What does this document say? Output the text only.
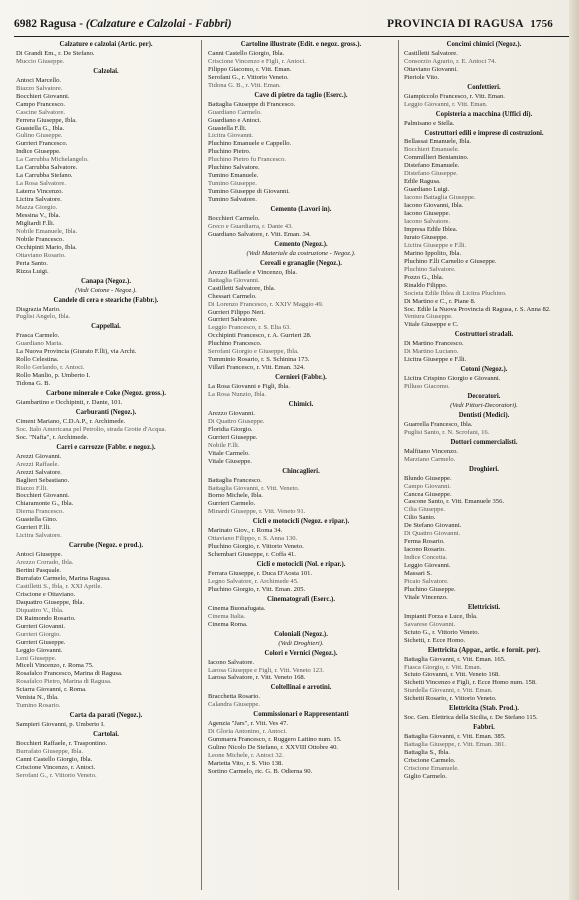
6982 Ragusa - (Calzature e Calzolai - Fabbri)	PROVINCIA DI RAGUSA 1756
Calzature e calzolai (Artic. per).
Di Grandi Em., r. De Stefano.
Muccio Giuseppe.
Calzolai.
Antoci Marcello.
Biazzo Salvatore.
Bocchieri Giovanni.
Campo Francesco.
Cascine Salvatore.
Ferrera Giuseppe, Ibla.
Guastella G., Ibla.
Gulino Giuseppe.
Gurrieri Francesco.
Indice Giuseppe.
La Carrubba Michelangelo.
La Carrubba Salvatore.
La Carrubba Stefano.
La Rosa Salvatore.
Laterra Vincenzo.
Licitra Salvatore.
Mazza Giorgio.
Messina V., Ibla.
Migliardi F.lli.
Nobile Emanuele, Ibla.
Nobile Francesco.
Occhipinti Mario, Ibla.
Ottaviano Rosario.
Peria Santo.
Rizza Luigi.
Canapa (Negoz.).
(Vedi Cotone - Negoz.).
Candele di cera e steariche (Fabbr.).
Disgrazia Mario.
Puglisi Angelo, Ibla.
Cappellai.
Frasca Carmelo.
Guardiano Maria.
La Nuova Provincia (Giurato F.lli), via Archi.
Rollo Celestina.
Rollo Gerlando, r. Antoci.
Rollo Manlio, p. Umberto I.
Tidona G. B.
Carbone minerale e Coke (Negoz. gross.).
Giambartino e Occhipinti, r. Dante, 101.
Carburanti (Negoz.).
Cimeni Mariano, C.D.A.P., r. Archimede.
Soc. Italo Americana pel Petrolio, strada Grotte d'Acqua.
Soc. "Nafta", r. Archimede.
Carri e carrozze (Fabbr. e negoz.).
Arezzi Giovanni.
Arezzi Raffaele.
Arezzi Salvatore.
Baglieri Sebastiano.
Biazzo F.lli.
Bocchieri Giovanni.
Chiaramonte G., Ibla.
Dierna Francesco.
Guastella Gino.
Gurrieri F.lli.
Licitra Salvatore.
Carrube (Negoz. e prod.).
Antoci Giuseppe.
Arezzo Corrado, Ibla.
Bertini Pasquale.
Burrafato Carmelo, Marina Ragusa.
Castilletti S., Ibla, r. XXI Aprile.
Criscione e Ottaviano.
Daquattro Giuseppe, Ibla.
Diquattro V., Ibla.
Di Raimondo Rosario.
Gurrieri Giovanni.
Gurrieri Giorgio.
Gurrieri Giuseppe.
Leggio Giovanni.
Leni Giuseppe.
Miceli Vincenzo, r. Roma 75.
Rosafalco Francesco, Marina di Ragusa.
Rosafalco Pietro, Marina di Ragusa.
Sciarra Giovanni, r. Roma.
Venista N., Ibla.
Tumino Rosario.
Carta da parati (Negoz.).
Sampieri Giovanni, p. Umberto I.
Cartolai.
Bocchieri Raffaele, r. Traspontino.
Burrafato Giuseppe, Ibla.
Canni Castello Giorgio, Ibla.
Criscione Vincenzo, r. Antoci.
Serofani G., r. Vittorio Veneto.
Cartoline illustrate (Edit. e negoz. gross.).
Canni Castello Giorgio, Ibla.
Criscione Vincenzo e Figli, r. Antoci.
Filippo Giacomo, r. Vitt. Eman.
Serofani G., r. Vittorio Veneto.
Tidona G. B., r. Vitt. Eman.
Cave di pietre da taglio (Eserc.).
Battaglia Giuseppe di Francesco.
Guardiano Carmelo.
Guardiano e Antoci.
Guastella F.lli.
Licitra Giovanni.
Pluchino Emanuele e Cappello.
Pluchino Pietro.
Pluchino Pietro fu Francesco.
Pluchino Salvatore.
Tumino Emanuele.
Tumino Giuseppe.
Tumino Giuseppe di Giovanni.
Tumino Salvatore.
Cemento (Lavori in).
Bocchieri Carmelo.
Greco e Guardiarra, r. Dante 43.
Guardiano Salvatore, r. Vitt. Eman. 34.
Cemento (Negoz.).
(Vedi Materiale da costruzione - Negoz.).
Cereali e granaglie (Negoz.).
Arezzo Raffaele e Vincenzo, Ibla.
Battaglia Giovanni.
Castilletti Salvatore, Ibla.
Chessari Carmelo.
Di Lorenzo Francesco, r. XXIV Maggio 49.
Gurrieri Filippo Neri.
Gurrieri Salvatore.
Leggio Francesco, r. S. Elia 63.
Occhipinti Francesco, r. A. Gurrieri 28.
Pluchino Francesco.
Serofani Giorgio e Giuseppe, Ibla.
Tumminio Rosario, r. S. Schinina 173.
Villari Francesco, r. Vitt. Eman. 324.
Cernieri (Fabbr.).
La Rosa Giovanni e Figli, Ibla.
La Rosa Nunzio, Ibla.
Chimici.
Arezzo Giovanni.
Di Quattro Giuseppe.
Floridia Giorgio.
Gurrieri Giuseppe.
Nobile F.lli.
Vitale Carmelo.
Vitale Giuseppe.
Chincaglieri.
Battaglia Francesco.
Battaglia Giovanni, r. Vitt. Veneto.
Borno Michele, Ibla.
Gurrieri Carmelo.
Minardi Giuseppe, r. Vitt. Veneto 91.
Cicli e motocicli (Negoz. e ripar.).
Marinato Giov., r. Roma 34.
Ottaviano Filippo, r. S. Anna 130.
Pluchino Giorgio, r. Vittorio Veneto.
Schembari Giuseppe, r. Coffa 41.
Cicli e motocicli (Nol. e ripar.).
Ferrara Giuseppe, r. Duca D'Aosta 101.
Legno Salvatore, r. Archimede 45.
Pluchino Giorgio, r. Vitt. Eman. 205.
Cinematografi (Eserc.).
Cinema Buonafugata.
Cinema Italia.
Cinema Roma.
Coloniali (Negoz.).
(Vedi Droghieri).
Colori e Vernici (Negoz.).
Iacono Salvatore.
Larosa Giuseppe e Figli, r. Vitt. Veneto 123.
Larosa Salvatore, r. Vitt. Veneto 168.
Coltellinai e arrotini.
Bracchetta Rosario.
Calandra Giuseppe.
Commissionari e Rappresentanti
Agenzia "Jars", r. Vitt. Ves 47.
Di Gloria Antonino, r. Antoci.
Gummarra Francesco, r. Ruggero Lattino num. 15.
Gulino Nicolo De Stefano, r. XXVIII Ottobre 40.
Leone Michele, r. Antoci 32.
Marietta Vito, r. S. Vito 138.
Sortino Carmelo, ric. G. B. Odierna 90.
Concimi chimici (Negoz.).
Castilletti Salvatore.
Consorzio Agrario, r. E. Antoci 74.
Ottaviano Giovanni.
Pieriole Vito.
Confettieri.
Giampiccolo Francesco, r. Vitt. Eman.
Leggio Giovanni, r. Vitt. Eman.
Copisteria a macchina (Uffici di).
Palmisano e Stella.
Costruttori edili e imprese di costruzioni.
Bellassai Emanuele, Ibla.
Bocchieri Emanuele.
Commillieri Beniamino.
Distefano Emanuele.
Distefano Giuseppe.
Edile Ragusa.
Guardiano Luigi.
Iacono Battaglia Giuseppe.
Iacono Giovanni, Ibla.
Iacono Giuseppe.
Iacono Salvatore.
Impresa Edile Iblea.
Iurato Giuseppe.
Licitra Giuseppe e F.lli.
Marino Ippolito, Ibla.
Pluchino F.lli Carnelio e Giuseppe.
Pluchino Salvatore.
Pozzo G., Ibla.
Rinaldo Filippo.
Societa Edile Iblea di Licitra Pluchino.
Di Martino e C., r. Piane 8.
Soc. Edile la Nuova Provincia di Ragusa, r. S. Anna 82.
Ventura Giuseppe.
Vitale Giuseppe e C.
Costruttori stradali.
Di Martino Francesco.
Di Martino Luciano.
Licitra Giuseppe e F.lli.
Cotoni (Negoz.).
Licitra Crispino Giorgio e Giovanni.
Pilluso Giacomo.
Decoratori.
(Vedi Pittori-Decoratori).
Dentisti (Medici).
Guarrella Francesco, Ibla.
Puglisi Santo, r. N. Scrofani, 16.
Dottori commercialisti.
Malfitano Vincenzo.
Marziano Carmelo.
Droghieri.
Blundo Giuseppe.
Campo Giovanni.
Cancea Giuseppe.
Cascone Santo, r. Vitt. Emanuele 356.
Cilia Giuseppe.
Cilio Santo.
De Stefano Giovanni.
Di Quattro Giovanni.
Ferma Rosario.
Iacono Rosario.
Indice Concetta.
Leggio Giovanni.
Massari S.
Picaio Salvatore.
Pluchino Giuseppe.
Vitale Vincenzo.
Elettricisti.
Impianti Forza e Luce, Ibla.
Savarese Giovanni.
Sciuto G., r. Vittorio Veneto.
Sichetti, r. Ecce Homo.
Elettricita (Appar., artic. e fornit. per).
Battaglia Giovanni, r. Vitt. Eman. 165.
Fiasca Giorgio, r. Vitt. Eman.
Sciuto Giovanni, r. Vitt. Veneto 168.
Sichetti Vincenzo e Figli, r. Ecce Homo num. 158.
Sturdella Giovanni, r. Vitt. Eman.
Sichetti Rosario, r. Vittorio Veneto.
Elettricita (Stab. Prod.).
Soc. Gen. Elettrica della Sicilia, r. De Stefano 115.
Fabbri.
Battaglia Giovanni, r. Vitt. Eman. 385.
Battaglia Giuseppe, r. Vitt. Eman. 381.
Battaglia S., Ibla.
Criscione Carmelo.
Criscione Emanuele.
Giglio Carmelo.
